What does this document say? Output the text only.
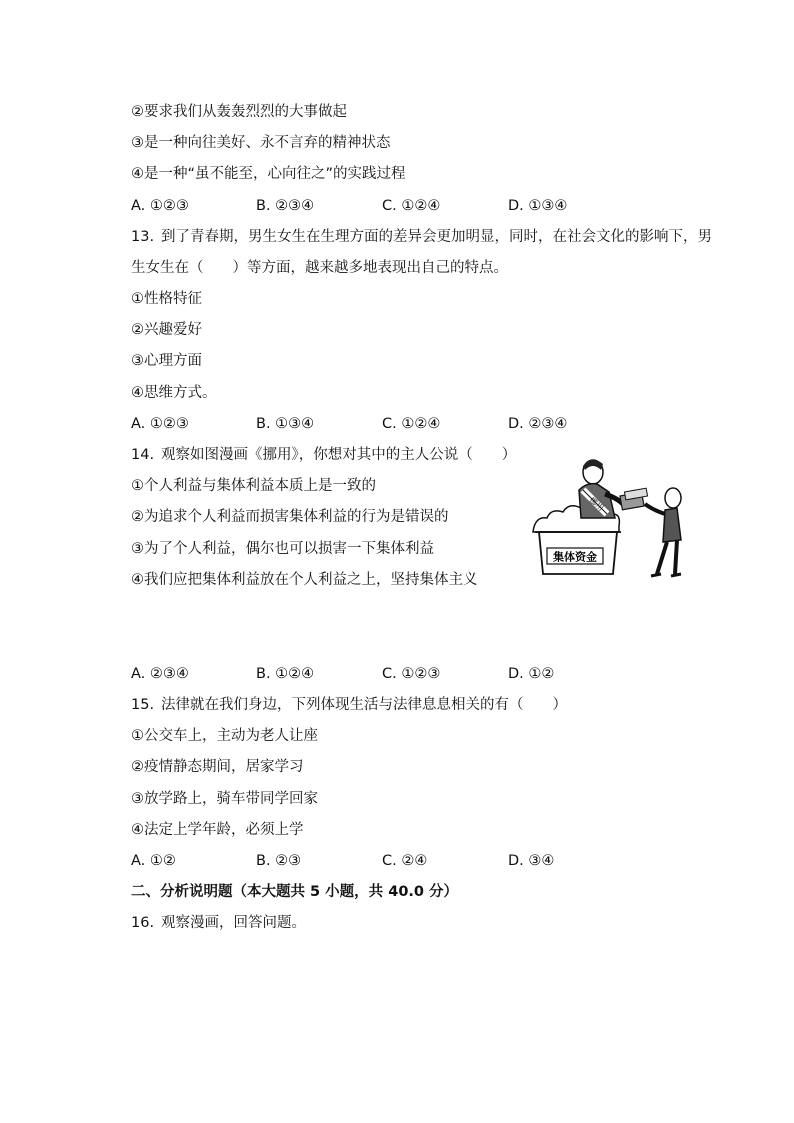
②要求我们从轰轰烈烈的大事做起
③是一种向往美好、永不言弃的精神状态
④是一种“虽不能至，心向往之”的实践过程
A. ①②③	B. ②③④	C. ①②④	D. ①③④
13. 到了青春期，男生女生在生理方面的差异会更加明显，同时，在社会文化的影响下，男
生女生在（　　）等方面，越来越多地表现出自己的特点。
①性格特征
②兴趣爱好
③心理方面
④思维方式。
A. ①②③	B. ①③④	C. ①②④	D. ②③④
14. 观察如图漫画《挪用》，你想对其中的主人公说（　　）
①个人利益与集体利益本质上是一致的
②为追求个人利益而损害集体利益的行为是错误的
③为了个人利益，偶尔也可以损害一下集体利益
④我们应把集体利益放在个人利益之上，坚持集体主义
集体资金
挪用
A. ②③④	B. ①②④	C. ①②③	D. ①②
15. 法律就在我们身边，下列体现生活与法律息息相关的有（　　）
①公交车上，主动为老人让座
②疫情静态期间，居家学习
③放学路上，骑车带同学回家
④法定上学年龄，必须上学
A. ①②	B. ②③	C. ②④	D. ③④
二、分析说明题（本大题共 5 小题，共 40.0 分）
16. 观察漫画，回答问题。
